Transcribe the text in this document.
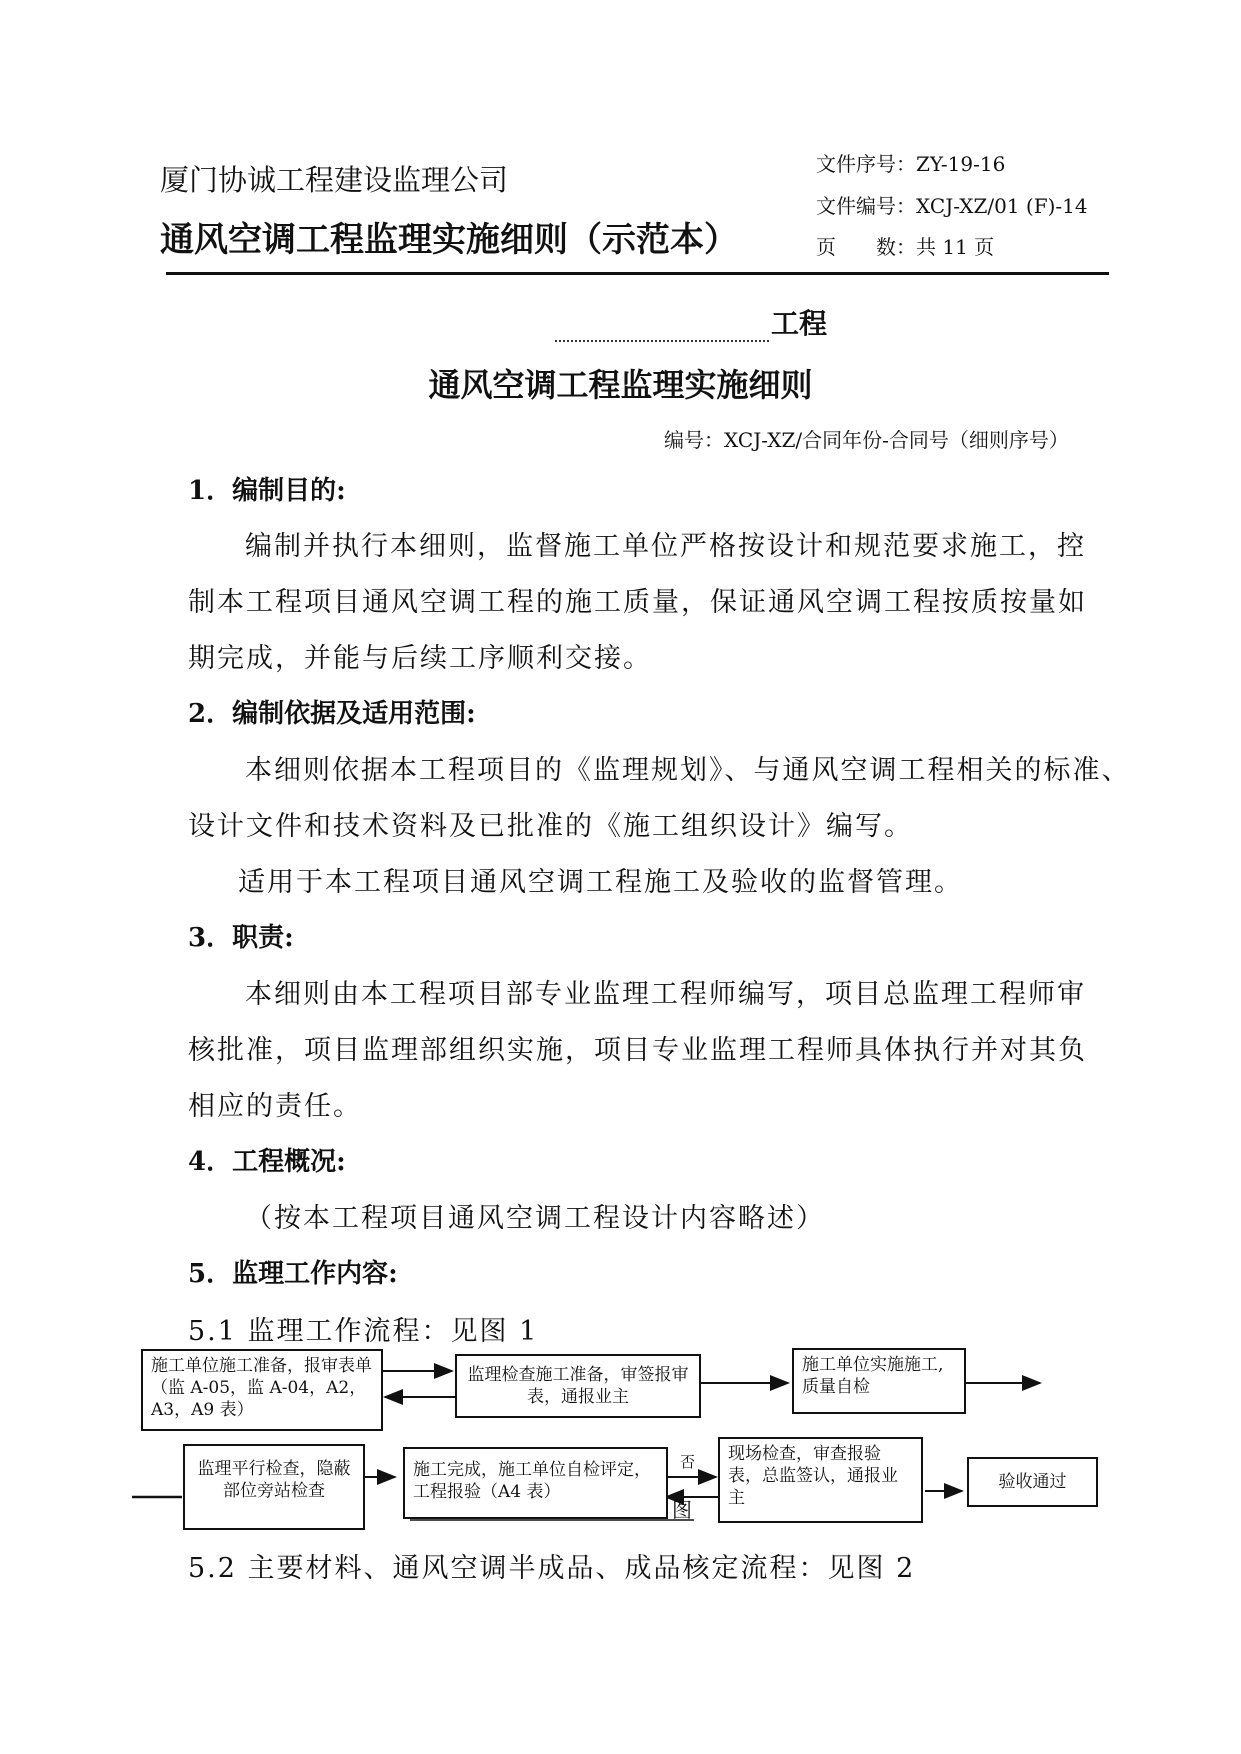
厦门协诚工程建设监理公司
通风空调工程监理实施细则（示范本）
文件序号：ZY-19-16
文件编号：XCJ-XZ/01 (F)-14
页　　数：共 11 页
工程
通风空调工程监理实施细则
编号：XCJ-XZ/合同年份-合同号（细则序号）
1．编制目的:
编制并执行本细则，监督施工单位严格按设计和规范要求施工，控
制本工程项目通风空调工程的施工质量，保证通风空调工程按质按量如
期完成，并能与后续工序顺利交接。
2．编制依据及适用范围:
本细则依据本工程项目的《监理规划》、与通风空调工程相关的标准、
设计文件和技术资料及已批准的《施工组织设计》编写。
适用于本工程项目通风空调工程施工及验收的监督管理。
3．职责:
本细则由本工程项目部专业监理工程师编写，项目总监理工程师审
核批准，项目监理部组织实施，项目专业监理工程师具体执行并对其负
相应的责任。
4．工程概况:
（按本工程项目通风空调工程设计内容略述）
5．监理工作内容:
5.1 监理工作流程：见图 1
施工单位施工准备，报审表单 （监 A-05，监 A-04，A2，A3，A9 表）
监理检查施工准备，审签报审表，通报业主
施工单位实施施工, 质量自检
监理平行检查，隐蔽部位旁站检查
施工完成，施工单位自检评定，工程报验（A4 表）
现场检查，审查报验表，总监签认，通报业主
验收通过
否
图
5.2 主要材料、通风空调半成品、成品核定流程：见图 2
